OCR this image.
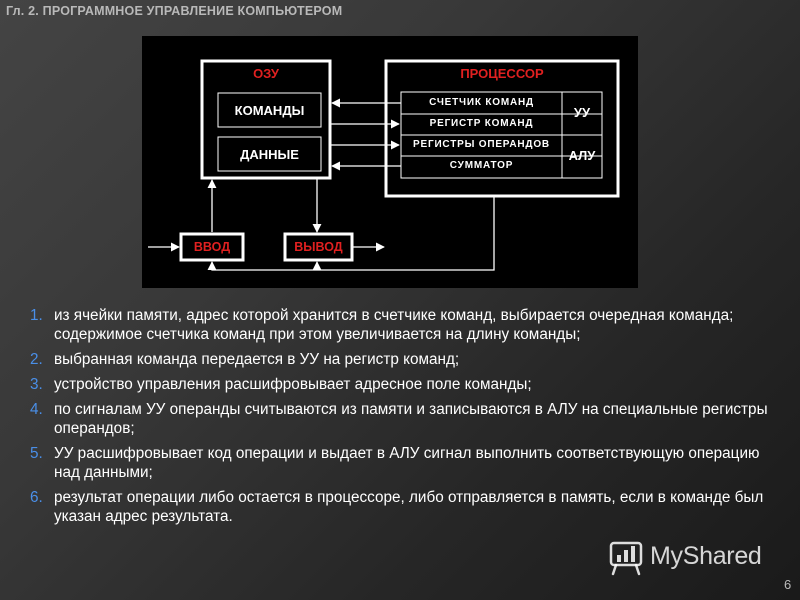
Гл. 2. ПРОГРАММНОЕ УПРАВЛЕНИЕ КОМПЬЮТЕРОМ
ОЗУ
КОМАНДЫ
ДАННЫЕ
ПРОЦЕССОР
СЧЕТЧИК КОМАНД
РЕГИСТР КОМАНД
РЕГИСТРЫ ОПЕРАНДОВ
СУММАТОР
УУ
АЛУ
ВВОД	ВЫВОД
1. из ячейки памяти, адрес которой хранится в счетчике команд, выбирается очередная команда; содержимое счетчика команд при этом увеличивается на длину команды;
2. выбранная команда передается в УУ на регистр команд;
3. устройство управления расшифровывает адресное поле команды;
4. по сигналам УУ операнды считываются из памяти и записываются в АЛУ на специальные регистры операндов;
5. УУ расшифровывает код операции и выдает в АЛУ сигнал выполнить соответствующую операцию над данными;
6. результат операции либо остается в процессоре, либо отправляется в память, если в команде был указан адрес результата.
MyShared
6
